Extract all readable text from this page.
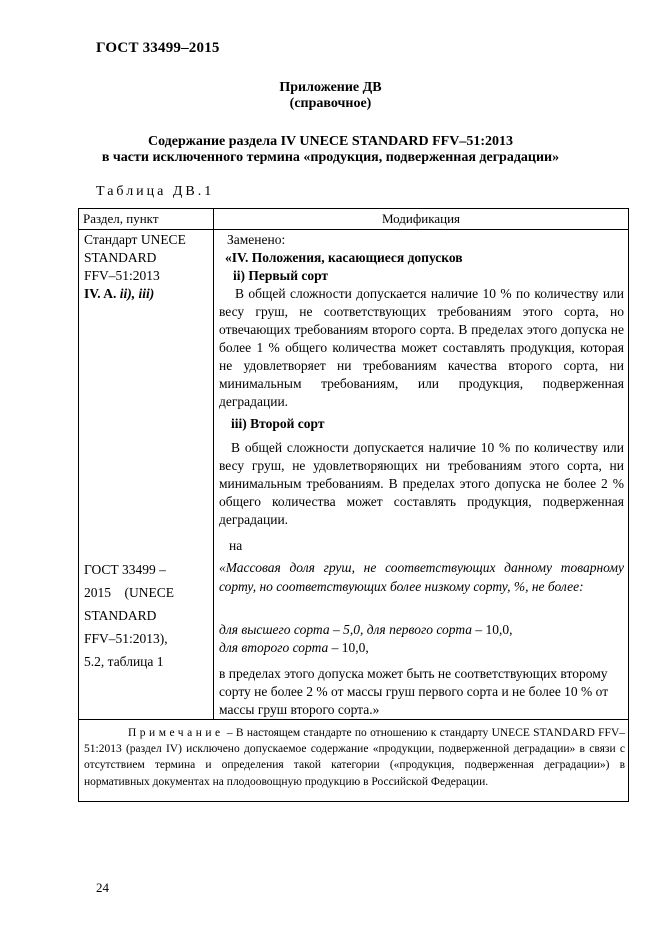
ГОСТ 33499–2015
Приложение ДВ
(справочное)
Содержание раздела IV UNECE STANDARD FFV–51:2013
в части исключенного термина «продукция, подверженная деградации»
Таблица ДВ.1
Раздел, пункт	Модификация
Стандарт UNECE
STANDARD
FFV–51:2013
IV. A. ii), iii)
Заменено:
«IV. Положения, касающиеся допусков
ii) Первый сорт
В общей сложности допускается наличие 10 % по количеству или весу груш, не соответствующих требованиям этого сорта, но отвечающих требованиям второго сорта. В пределах этого допуска не более 1 % общего количества может составлять продукция, которая не удовлетворяет ни требованиям качества второго сорта, ни минимальным требованиям, или продукция, подверженная деградации.
iii) Второй сорт
В общей сложности допускается наличие 10 % по количеству или весу груш, не удовлетворяющих ни требованиям этого сорта, ни минимальным требованиям. В пределах этого допуска не более 2 % общего количества может составлять продукция, подверженная деградации.
на
ГОСТ 33499 –
2015    (UNECE
STANDARD
FFV–51:2013),
5.2, таблица 1
«Массовая доля груш, не соответствующих данному товарному сорту, но соответствующих более низкому сорту, %, не более:
для высшего сорта – 5,0, для первого сорта – 10,0,
для второго сорта – 10,0,
в пределах этого допуска может быть не соответствующих второму сорту не более 2 % от массы груш первого сорта и не более 10 % от массы груш второго сорта.»
Примечание – В настоящем стандарте по отношению к стандарту UNECE STANDARD FFV–51:2013 (раздел IV) исключено допускаемое содержание «продукции, подверженной деградации» в связи с отсутствием термина и определения такой категории («продукция, подверженная деградации») в нормативных документах на плодоовощную продукцию в Российской Федерации.
24
